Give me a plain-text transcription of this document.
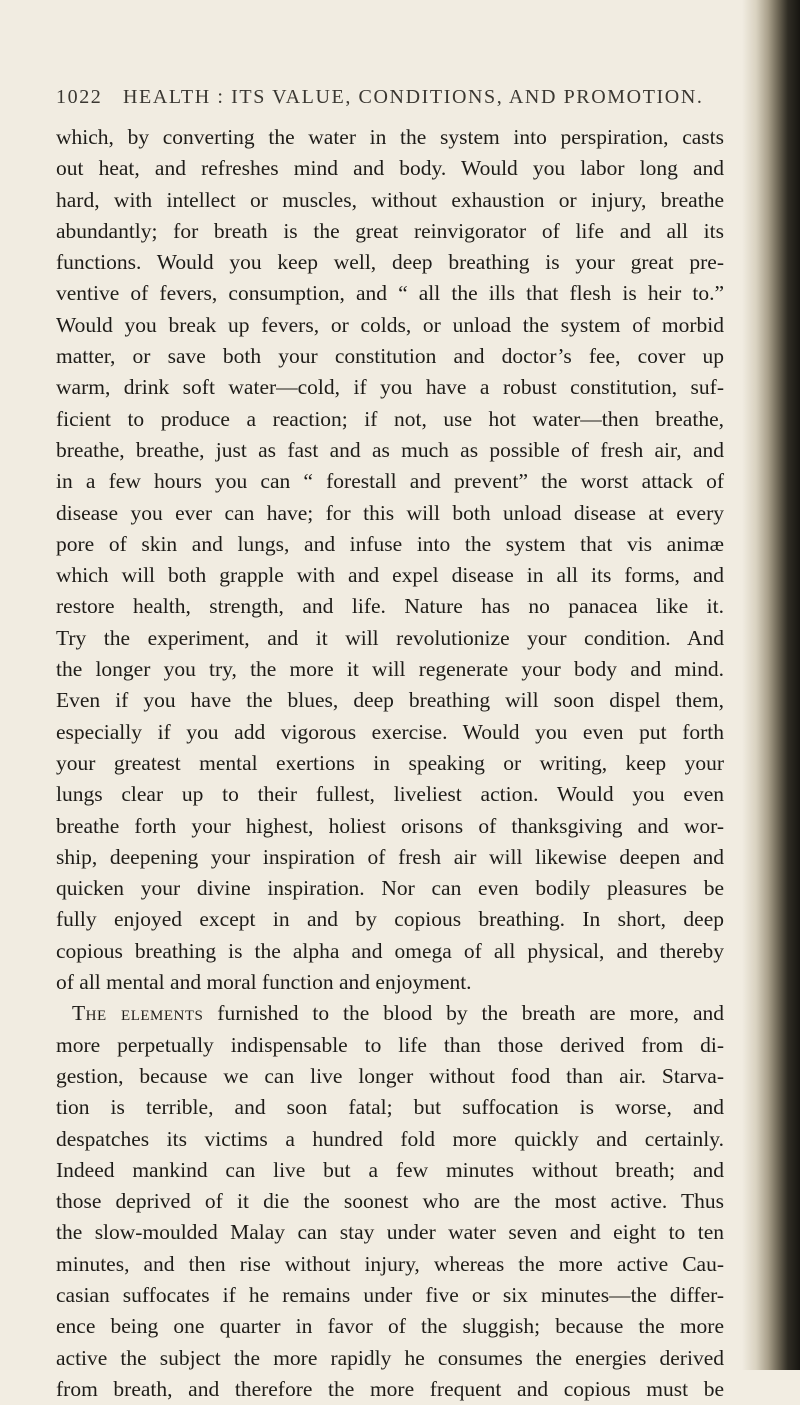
1022 HEALTH : ITS VALUE, CONDITIONS, AND PROMOTION.
which, by converting the water in the system into perspiration, casts
out heat, and refreshes mind and body. Would you labor long and
hard, with intellect or muscles, without exhaustion or injury, breathe
abundantly; for breath is the great reinvigorator of life and all its
functions. Would you keep well, deep breathing is your great pre-
ventive of fevers, consumption, and “ all the ills that flesh is heir to.”
Would you break up fevers, or colds, or unload the system of morbid
matter, or save both your constitution and doctor’s fee, cover up
warm, drink soft water—cold, if you have a robust constitution, suf-
ficient to produce a reaction; if not, use hot water—then breathe,
breathe, breathe, just as fast and as much as possible of fresh air, and
in a few hours you can “ forestall and prevent” the worst attack of
disease you ever can have; for this will both unload disease at every
pore of skin and lungs, and infuse into the system that vis animæ
which will both grapple with and expel disease in all its forms, and
restore health, strength, and life. Nature has no panacea like it.
Try the experiment, and it will revolutionize your condition. And
the longer you try, the more it will regenerate your body and mind.
Even if you have the blues, deep breathing will soon dispel them,
especially if you add vigorous exercise. Would you even put forth
your greatest mental exertions in speaking or writing, keep your
lungs clear up to their fullest, liveliest action. Would you even
breathe forth your highest, holiest orisons of thanksgiving and wor-
ship, deepening your inspiration of fresh air will likewise deepen and
quicken your divine inspiration. Nor can even bodily pleasures be
fully enjoyed except in and by copious breathing. In short, deep
copious breathing is the alpha and omega of all physical, and thereby
of all mental and moral function and enjoyment.
The elements furnished to the blood by the breath are more, and
more perpetually indispensable to life than those derived from di-
gestion, because we can live longer without food than air. Starva-
tion is terrible, and soon fatal; but suffocation is worse, and
despatches its victims a hundred fold more quickly and certainly.
Indeed mankind can live but a few minutes without breath; and
those deprived of it die the soonest who are the most active. Thus
the slow-moulded Malay can stay under water seven and eight to ten
minutes, and then rise without injury, whereas the more active Cau-
casian suffocates if he remains under five or six minutes—the differ-
ence being one quarter in favor of the sluggish; because the more
active the subject the more rapidly he consumes the energies derived
from breath, and therefore the more frequent and copious must be
